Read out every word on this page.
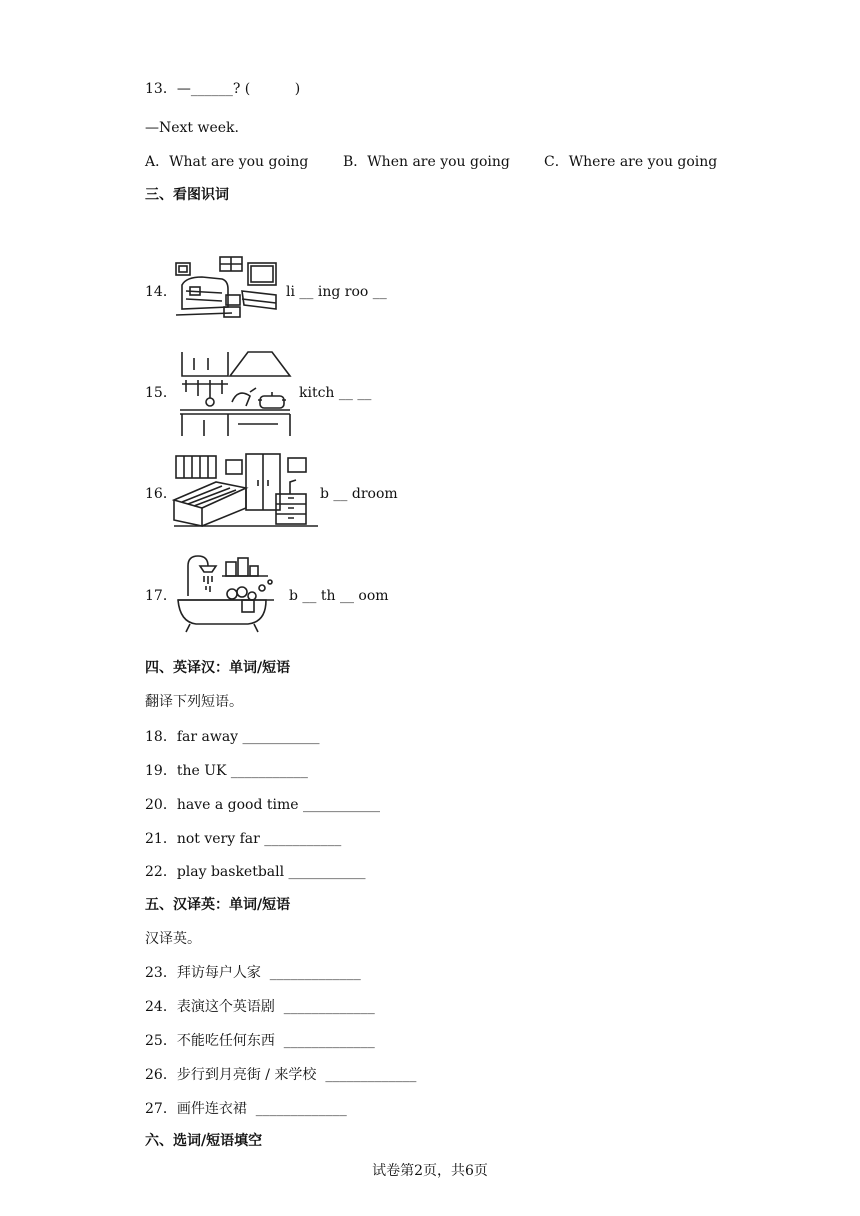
13．—______? (          )
—Next week.
A．What are you going B．When are you going C．Where are you going
三、看图识词
14．	li __ ing roo __
15．	kitch __ __
16．	b __ droom
17．	b __ th __ oom
四、英译汉：单词/短语
翻译下列短语。
18．far away ___________
19．the UK ___________
20．have a good time ___________
21．not very far ___________
22．play basketball ___________
五、汉译英：单词/短语
汉译英。
23．拜访每户人家  _____________
24．表演这个英语剧  _____________
25．不能吃任何东西  _____________
26．步行到月亮街 / 来学校  _____________
27．画件连衣裙  _____________
六、选词/短语填空
试卷第2页，共6页
